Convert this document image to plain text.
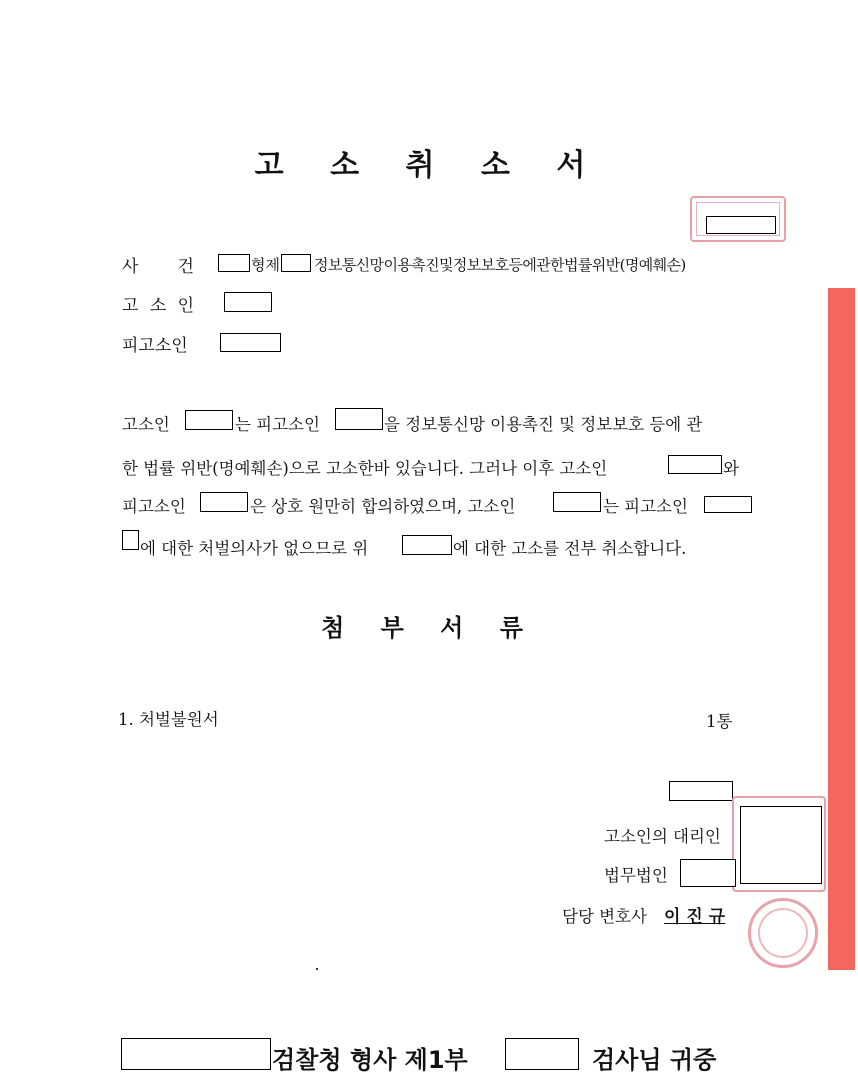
고 소 취 소 서
사     건	형제 정보통신망이용촉진및정보보호등에관한법률위반(명예훼손)
고 소 인
피고소인
고소인	는 피고소인	을 정보통신망 이용촉진 및 정보보호 등에 관
한 법률 위반(명예훼손)으로 고소한바 있습니다. 그러나 이후 고소인	와
피고소인	은 상호 원만히 합의하였으며, 고소인	는 피고소인
에 대한 처벌의사가 없으므로 위	에 대한 고소를 전부 취소합니다.
첨 부 서 류
1. 처벌불원서	1통
고소인의 대리인
법무법인
담당 변호사 이 진 규
검찰청 형사 제1부	검사님 귀중
